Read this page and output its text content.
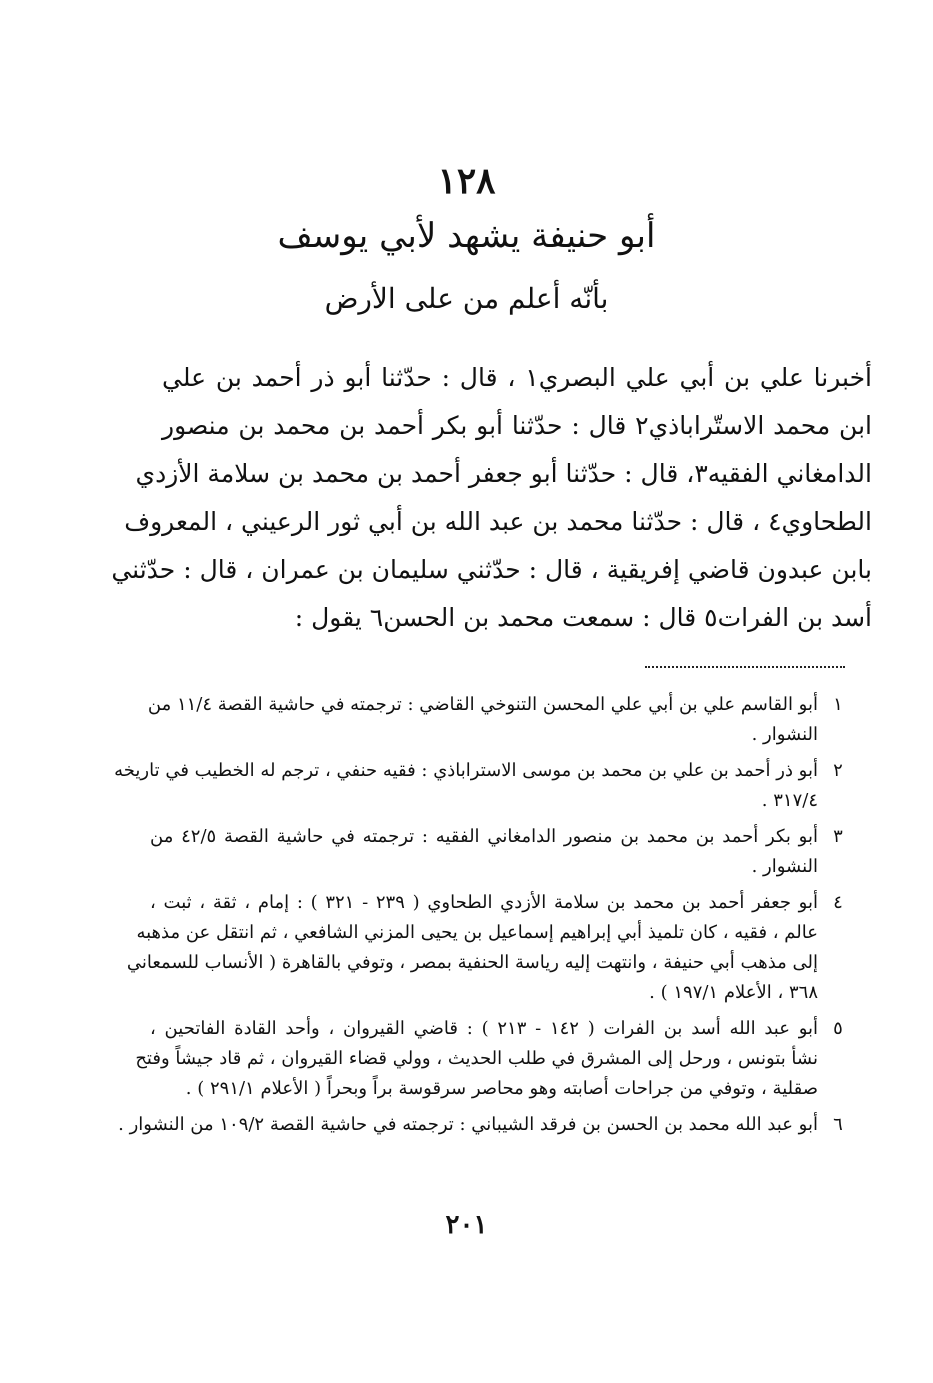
١٢٨
أبو حنيفة يشهد لأبي يوسف
بأنّه أعلم من على الأرض
أخبرنا علي بن أبي علي البصري١ ، قال : حدّثنا أبو ذر أحمد بن علي
ابن محمد الاستّراباذي٢ قال : حدّثنا أبو بكر أحمد بن محمد بن منصور
الدامغاني الفقيه٣، قال : حدّثنا أبو جعفر أحمد بن محمد بن سلامة الأزدي
الطحاوي٤ ، قال : حدّثنا محمد بن عبد الله بن أبي ثور الرعيني ، المعروف
بابن عبدون قاضي إفريقية ، قال : حدّثني سليمان بن عمران ، قال : حدّثني
أسد بن الفرات٥ قال : سمعت محمد بن الحسن٦ يقول :
١
أبو القاسم علي بن أبي علي المحسن التنوخي القاضي : ترجمته في حاشية القصة ١١/٤ من
النشوار .
٢
أبو ذر أحمد بن علي بن محمد بن موسى الاستراباذي : فقيه حنفي ، ترجم له الخطيب في تاريخه
٣١٧/٤ .
٣
أبو بكر أحمد بن محمد بن منصور الدامغاني الفقيه : ترجمته في حاشية القصة ٤٢/٥ من
النشوار .
٤
أبو جعفر أحمد بن محمد بن سلامة الأزدي الطحاوي ( ٢٣٩ - ٣٢١ ) : إمام ، ثقة ، ثبت ،
عالم ، فقيه ، كان تلميذ أبي إبراهيم إسماعيل بن يحيى المزني الشافعي ، ثم انتقل عن مذهبه
إلى مذهب أبي حنيفة ، وانتهت إليه رياسة الحنفية بمصر ، وتوفي بالقاهرة ( الأنساب للسمعاني
٣٦٨ ، الأعلام ١٩٧/١ ) .
٥
أبو عبد الله أسد بن الفرات ( ١٤٢ - ٢١٣ ) : قاضي القيروان ، وأحد القادة الفاتحين ،
نشأ بتونس ، ورحل إلى المشرق في طلب الحديث ، وولي قضاء القيروان ، ثم قاد جيشاً وفتح
صقلية ، وتوفي من جراحات أصابته وهو محاصر سرقوسة براً وبحراً ( الأعلام ٢٩١/١ ) .
٦
أبو عبد الله محمد بن الحسن بن فرقد الشيباني : ترجمته في حاشية القصة ١٠٩/٢ من النشوار .
٢٠١
